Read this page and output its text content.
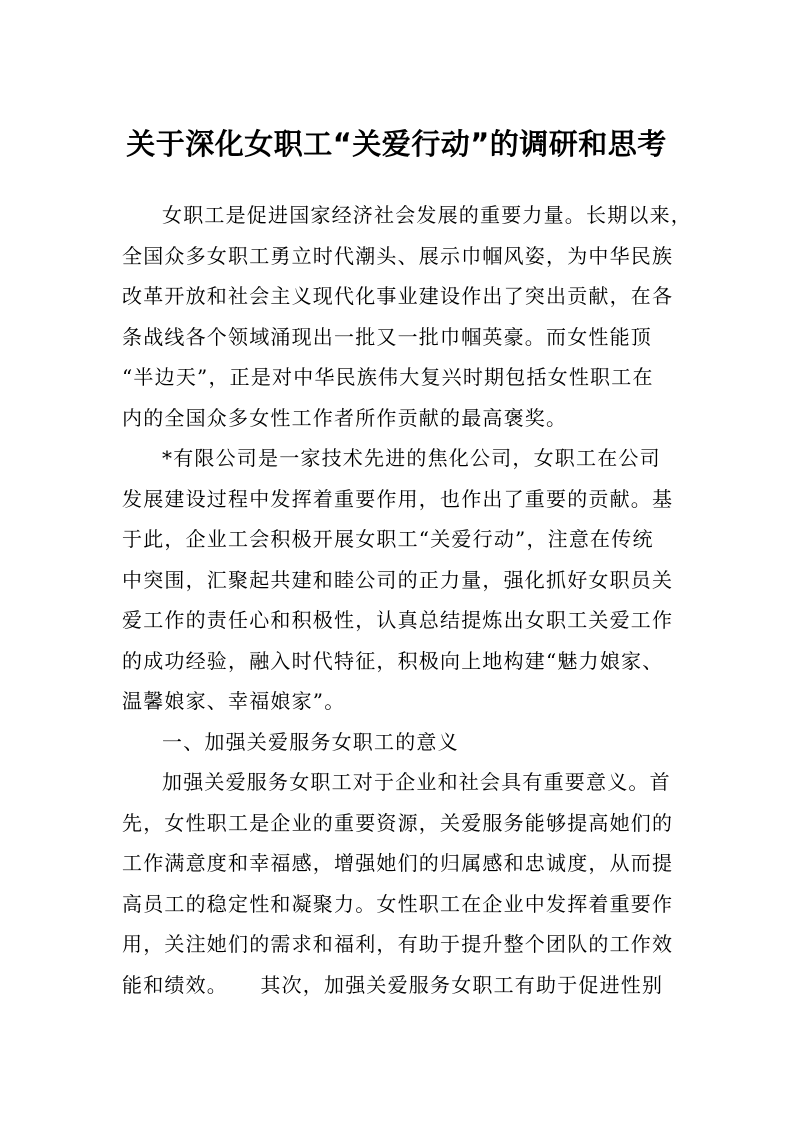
关于深化女职工“关爱行动”的调研和思考
女职工是促进国家经济社会发展的重要力量。长期以来，
全国众多女职工勇立时代潮头、展示巾帼风姿，为中华民族
改革开放和社会主义现代化事业建设作出了突出贡献，在各
条战线各个领域涌现出一批又一批巾帼英豪。而女性能顶
“半边天”，正是对中华民族伟大复兴时期包括女性职工在
内的全国众多女性工作者所作贡献的最高褒奖。
*有限公司是一家技术先进的焦化公司，女职工在公司
发展建设过程中发挥着重要作用，也作出了重要的贡献。基
于此，企业工会积极开展女职工“关爱行动”，注意在传统
中突围，汇聚起共建和睦公司的正力量，强化抓好女职员关
爱工作的责任心和积极性，认真总结提炼出女职工关爱工作
的成功经验，融入时代特征，积极向上地构建“魅力娘家、
温馨娘家、幸福娘家”。
一、加强关爱服务女职工的意义
加强关爱服务女职工对于企业和社会具有重要意义。首
先，女性职工是企业的重要资源，关爱服务能够提高她们的
工作满意度和幸福感，增强她们的归属感和忠诚度，从而提
高员工的稳定性和凝聚力。女性职工在企业中发挥着重要作
用，关注她们的需求和福利，有助于提升整个团队的工作效
能和绩效。　　其次，加强关爱服务女职工有助于促进性别
